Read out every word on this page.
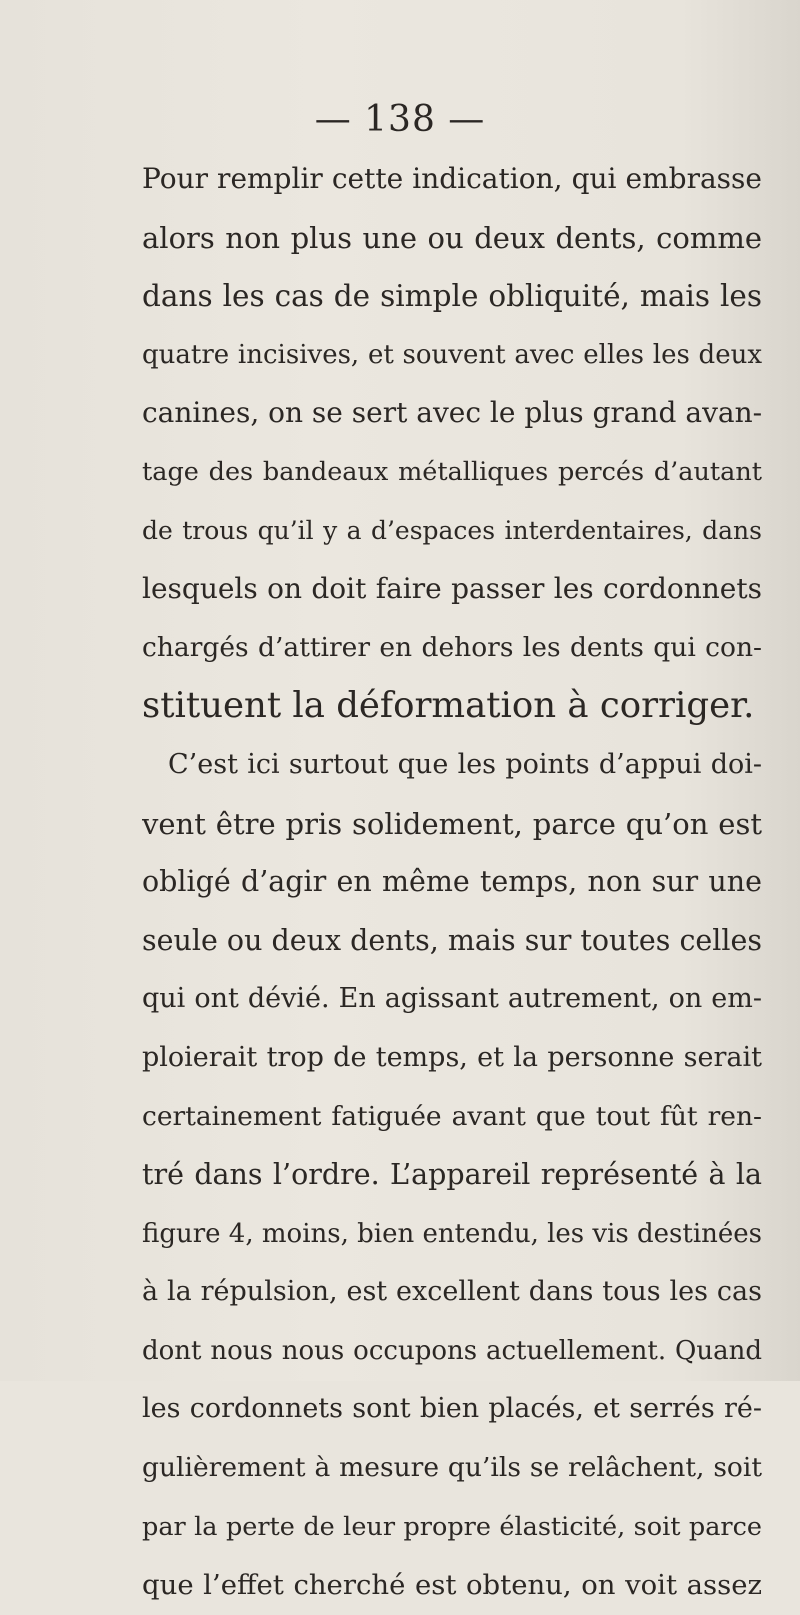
— 138 —
Pour remplir cette indication, qui embrasse
alors non plus une ou deux dents, comme
dans les cas de simple obliquité, mais les
quatre incisives, et souvent avec elles les deux
canines, on se sert avec le plus grand avan-
tage des bandeaux métalliques percés d’autant
de trous qu’il y a d’espaces interdentaires, dans
lesquels on doit faire passer les cordonnets
chargés d’attirer en dehors les dents qui con-
stituent la déformation à corriger.
C’est ici surtout que les points d’appui doi-
vent être pris solidement, parce qu’on est
obligé d’agir en même temps, non sur une
seule ou deux dents, mais sur toutes celles
qui ont dévié. En agissant autrement, on em-
ploierait trop de temps, et la personne serait
certainement fatiguée avant que tout fût ren-
tré dans l’ordre. L’appareil représenté à la
figure 4, moins, bien entendu, les vis destinées
à la répulsion, est excellent dans tous les cas
dont nous nous occupons actuellement. Quand
les cordonnets sont bien placés, et serrés ré-
gulièrement à mesure qu’ils se relâchent, soit
par la perte de leur propre élasticité, soit parce
que l’effet cherché est obtenu, on voit assez
